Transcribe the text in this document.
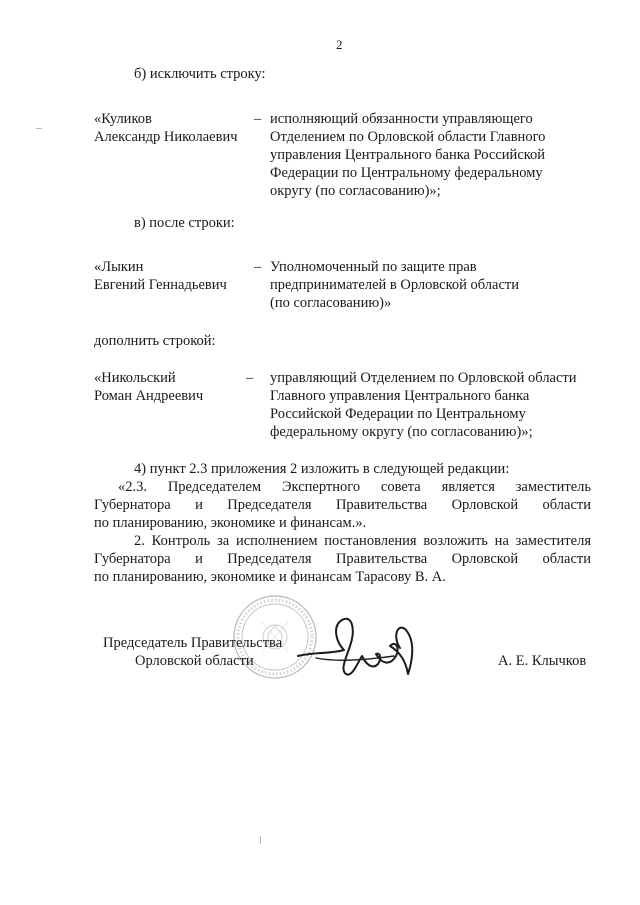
2
б) исключить строку:
«Куликов
Александр Николаевич
– исполняющий обязанности управляющего
Отделением по Орловской области Главного
управления Центрального банка Российской
Федерации по Центральному федеральному
округу (по согласованию)»;
в) после строки:
«Лыкин
Евгений Геннадьевич
– Уполномоченный по защите прав
предпринимателей в Орловской области
(по согласованию)»
дополнить строкой:
«Никольский
Роман Андреевич
– управляющий Отделением по Орловской области
Главного управления Центрального банка
Российской Федерации по Центральному
федеральному округу (по согласованию)»;
4) пункт 2.3 приложения 2 изложить в следующей редакции:
«2.3. Председателем Экспертного совета является заместитель
Губернатора и Председателя Правительства Орловской области
по планированию, экономике и финансам.».
2. Контроль за исполнением постановления возложить на заместителя
Губернатора и Председателя Правительства Орловской области
по планированию, экономике и финансам Тарасову В. А.
Председатель Правительства
Орловской области	А. Е. Клычков
